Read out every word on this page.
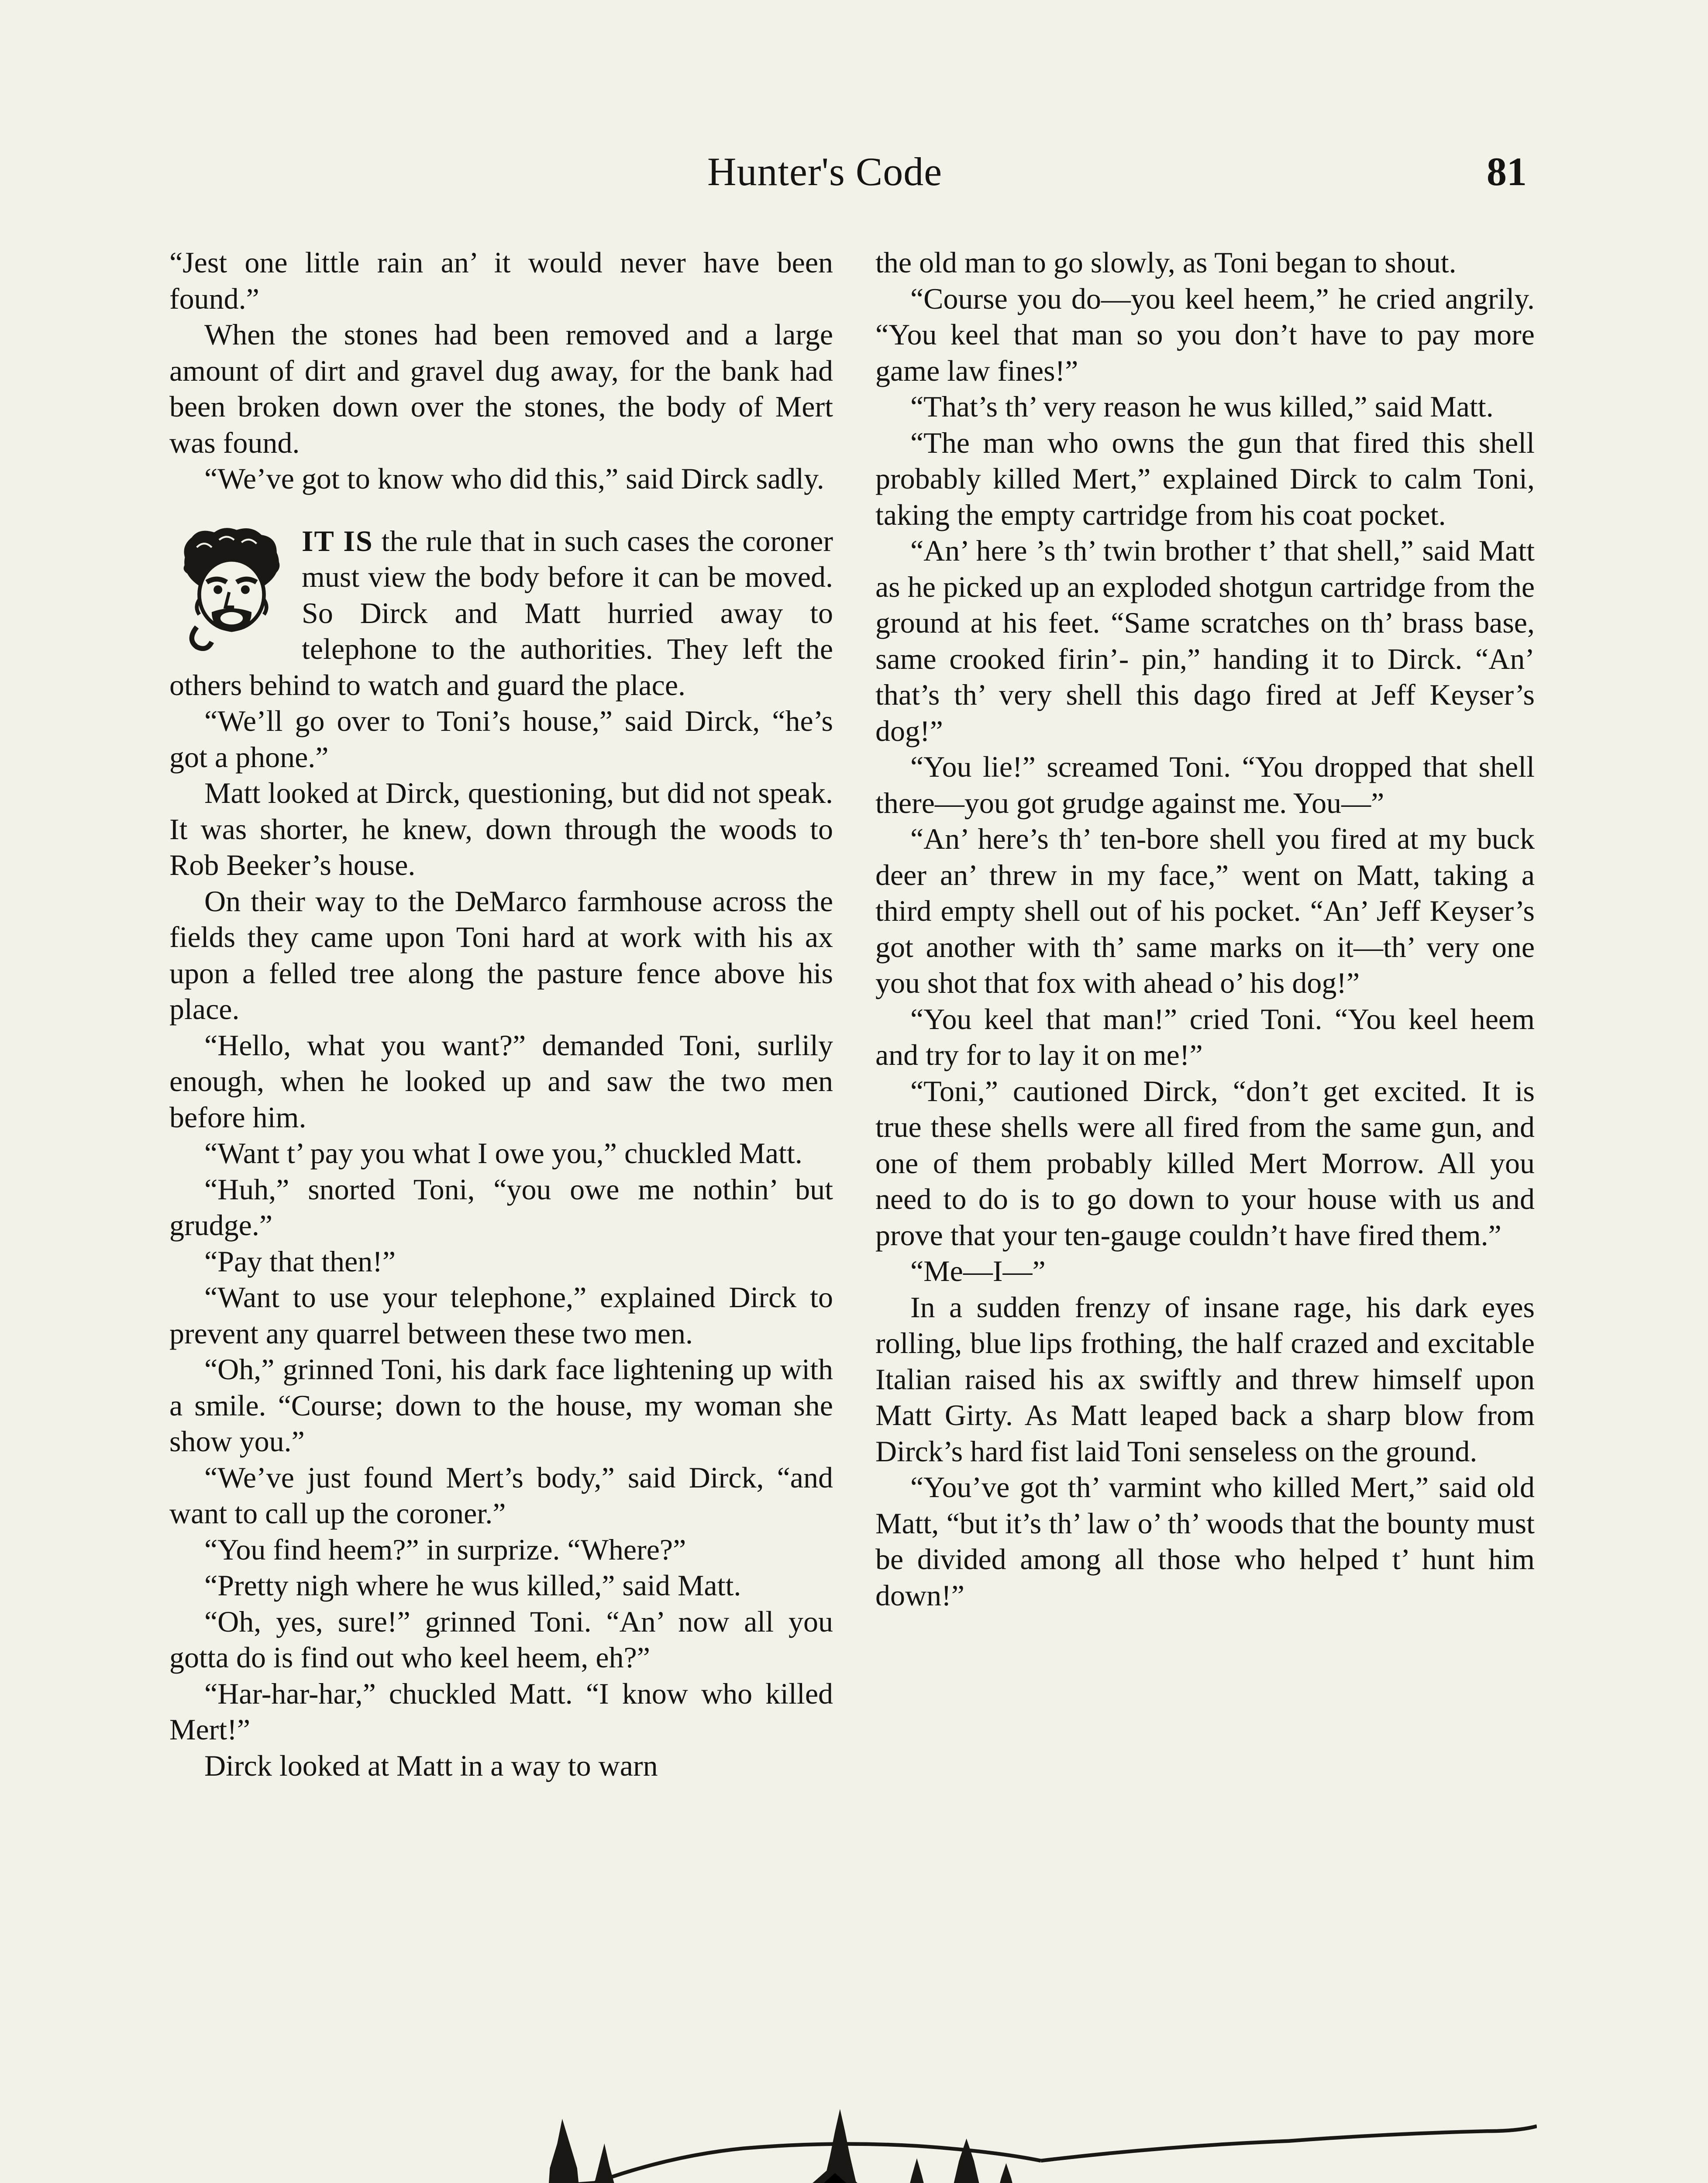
Hunter's Code	81

“Jest one little rain an’ it would never have been found.”

When the stones had been removed and a large amount of dirt and gravel dug away, for the bank had been broken down over the stones, the body of Mert was found.

“We’ve got to know who did this,” said Dirck sadly.

IT IS the rule that in such cases the coroner must view the body before it can be moved. So Dirck and Matt hurried away to telephone to the authorities. They left the others behind to watch and guard the place.

“We’ll go over to Toni’s house,” said Dirck, “he’s got a phone.”

Matt looked at Dirck, questioning, but did not speak. It was shorter, he knew, down through the woods to Rob Beeker’s house.

On their way to the DeMarco farmhouse across the fields they came upon Toni hard at work with his ax upon a felled tree along the pasture fence above his place.

“Hello, what you want?” demanded Toni, surlily enough, when he looked up and saw the two men before him.

“Want t’ pay you what I owe you,” chuckled Matt.

“Huh,” snorted Toni, “you owe me nothin’ but grudge.”

“Pay that then!”

“Want to use your telephone,” explained Dirck to prevent any quarrel between these two men.

“Oh,” grinned Toni, his dark face lightening up with a smile. “Course; down to the house, my woman she show you.”

“We’ve just found Mert’s body,” said Dirck, “and want to call up the coroner.”

“You find heem?” in surprize. “Where?”

“Pretty nigh where he wus killed,” said Matt.

“Oh, yes, sure!” grinned Toni. “An’ now all you gotta do is find out who keel heem, eh?”

“Har-har-har,” chuckled Matt. “I know who killed Mert!”

Dirck looked at Matt in a way to warn

the old man to go slowly, as Toni began to shout.

“Course you do—you keel heem,” he cried angrily. “You keel that man so you don’t have to pay more game law fines!”

“That’s th’ very reason he wus killed,” said Matt.

“The man who owns the gun that fired this shell probably killed Mert,” explained Dirck to calm Toni, taking the empty cartridge from his coat pocket.

“An’ here ’s th’ twin brother t’ that shell,” said Matt as he picked up an exploded shotgun cartridge from the ground at his feet. “Same scratches on th’ brass base, same crooked firin’- pin,” handing it to Dirck. “An’ that’s th’ very shell this dago fired at Jeff Keyser’s dog!”

“You lie!” screamed Toni. “You dropped that shell there—you got grudge against me. You—”

“An’ here’s th’ ten-bore shell you fired at my buck deer an’ threw in my face,” went on Matt, taking a third empty shell out of his pocket. “An’ Jeff Keyser’s got another with th’ same marks on it—th’ very one you shot that fox with ahead o’ his dog!”

“You keel that man!” cried Toni. “You keel heem and try for to lay it on me!”

“Toni,” cautioned Dirck, “don’t get excited. It is true these shells were all fired from the same gun, and one of them probably killed Mert Morrow. All you need to do is to go down to your house with us and prove that your ten-gauge couldn’t have fired them.”

“Me—I—”

In a sudden frenzy of insane rage, his dark eyes rolling, blue lips frothing, the half crazed and excitable Italian raised his ax swiftly and threw himself upon Matt Girty. As Matt leaped back a sharp blow from Dirck’s hard fist laid Toni senseless on the ground.

“You’ve got th’ varmint who killed Mert,” said old Matt, “but it’s th’ law o’ th’ woods that the bounty must be divided among all those who helped t’ hunt him down!”
